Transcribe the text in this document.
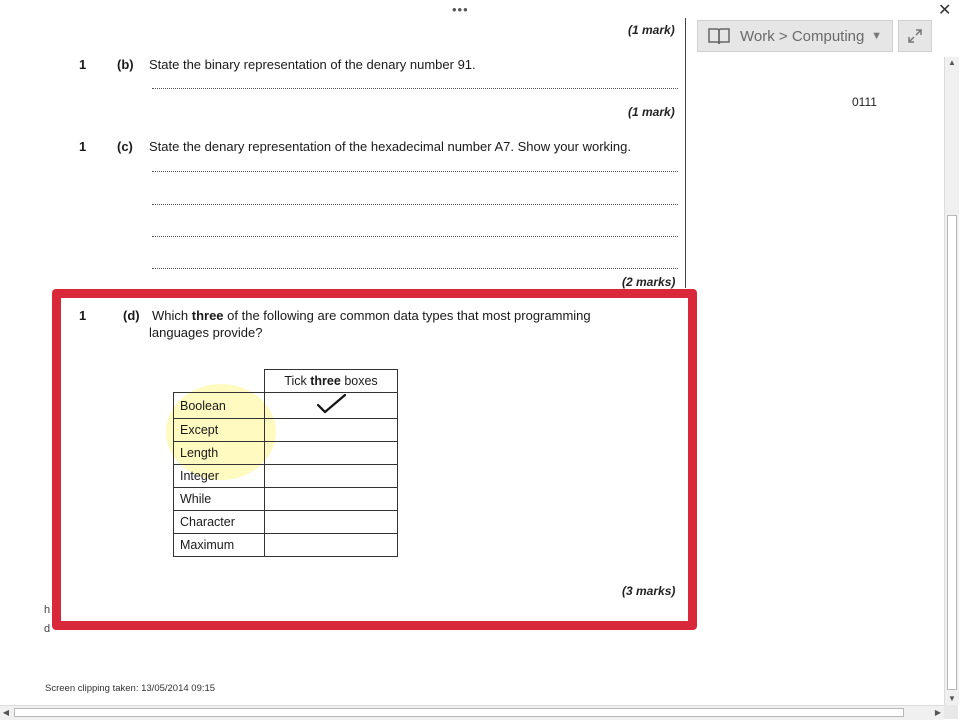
•••	✕
(1 mark)
1 (b) State the binary representation of the denary number 91.
(1 mark)
1 (c) State the denary representation of the hexadecimal number A7. Show your working.
(2 marks)
1	(d) Which three of the following are common data types that most programming
languages provide?
	Tick three boxes
Boolean	
Except	
Length	
Integer	
While	
Character	
Maximum	
(3 marks)
h
d
Work > Computing ▼
0111
▲
▼
◀	▶
Screen clipping taken: 13/05/2014 09:15
